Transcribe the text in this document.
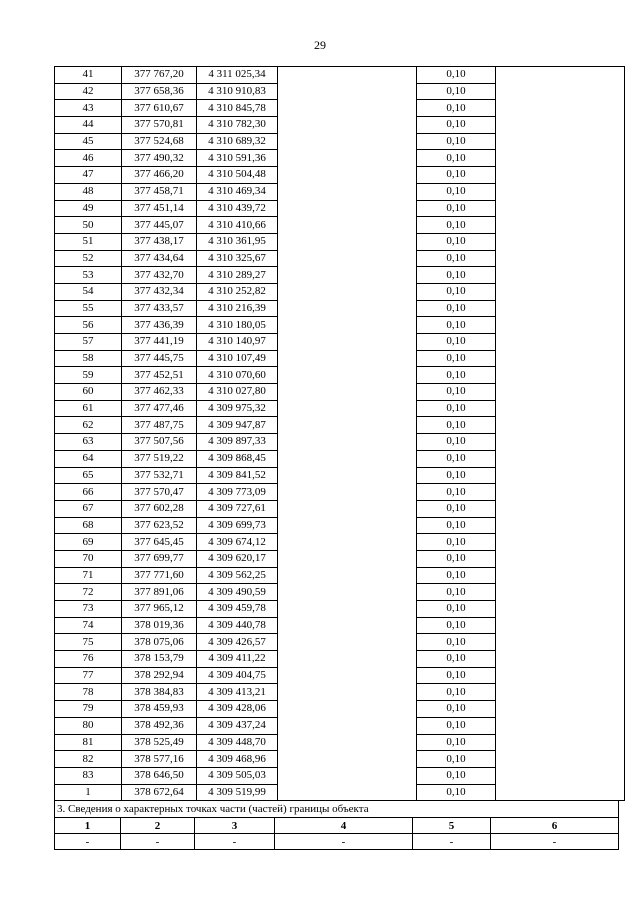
29
41	377 767,20	4 311 025,34		0,10	
42	377 658,36	4 310 910,83		0,10	
43	377 610,67	4 310 845,78		0,10	
44	377 570,81	4 310 782,30		0,10	
45	377 524,68	4 310 689,32		0,10	
46	377 490,32	4 310 591,36		0,10	
47	377 466,20	4 310 504,48		0,10	
48	377 458,71	4 310 469,34		0,10	
49	377 451,14	4 310 439,72		0,10	
50	377 445,07	4 310 410,66		0,10	
51	377 438,17	4 310 361,95		0,10	
52	377 434,64	4 310 325,67		0,10	
53	377 432,70	4 310 289,27		0,10	
54	377 432,34	4 310 252,82		0,10	
55	377 433,57	4 310 216,39		0,10	
56	377 436,39	4 310 180,05		0,10	
57	377 441,19	4 310 140,97		0,10	
58	377 445,75	4 310 107,49		0,10	
59	377 452,51	4 310 070,60		0,10	
60	377 462,33	4 310 027,80		0,10	
61	377 477,46	4 309 975,32		0,10	
62	377 487,75	4 309 947,87		0,10	
63	377 507,56	4 309 897,33		0,10	
64	377 519,22	4 309 868,45		0,10	
65	377 532,71	4 309 841,52		0,10	
66	377 570,47	4 309 773,09		0,10	
67	377 602,28	4 309 727,61		0,10	
68	377 623,52	4 309 699,73		0,10	
69	377 645,45	4 309 674,12		0,10	
70	377 699,77	4 309 620,17		0,10	
71	377 771,60	4 309 562,25		0,10	
72	377 891,06	4 309 490,59		0,10	
73	377 965,12	4 309 459,78		0,10	
74	378 019,36	4 309 440,78		0,10	
75	378 075,06	4 309 426,57		0,10	
76	378 153,79	4 309 411,22		0,10	
77	378 292,94	4 309 404,75		0,10	
78	378 384,83	4 309 413,21		0,10	
79	378 459,93	4 309 428,06		0,10	
80	378 492,36	4 309 437,24		0,10	
81	378 525,49	4 309 448,70		0,10	
82	378 577,16	4 309 468,96		0,10	
83	378 646,50	4 309 505,03		0,10	
1	378 672,64	4 309 519,99		0,10	
3. Сведения о характерных точках части (частей) границы объекта					
1	2	3	4	5	6
-	-	-	-	-	-
